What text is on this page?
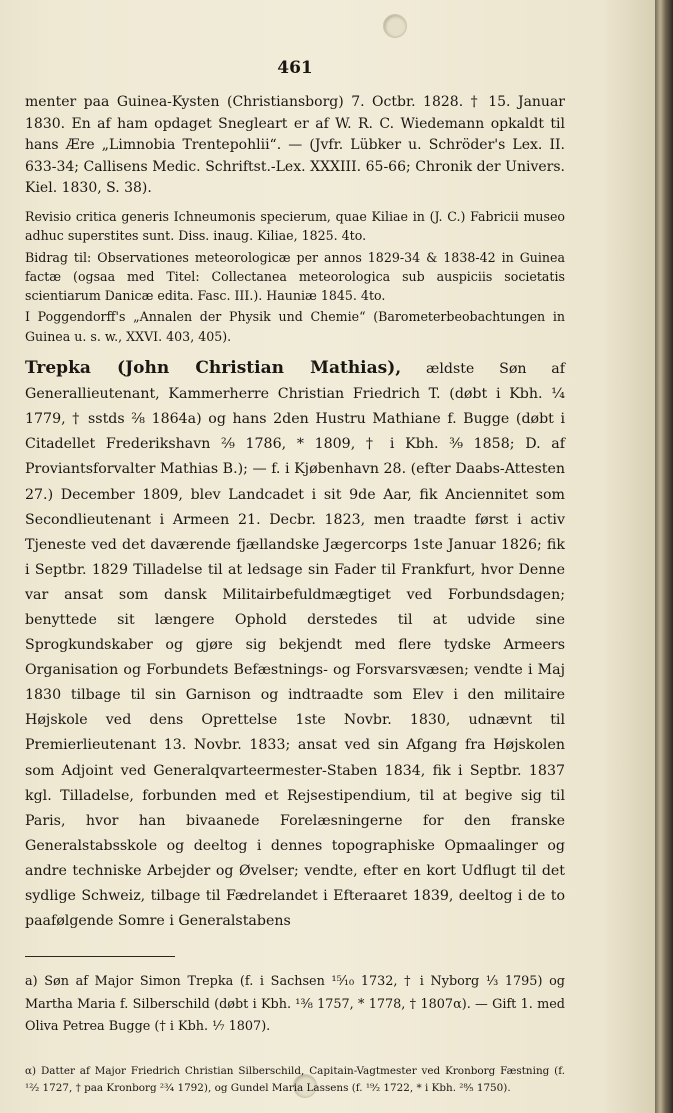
461

menter paa Guinea-Kysten (Christiansborg) 7. Octbr. 1828. † 15. Januar 1830. En af ham opdaget Snegleart er af W. R. C. Wiedemann opkaldt til hans Ære „Limnobia Trentepohlii“. — (Jvfr. Lübker u. Schröder's Lex. II. 633-34; Callisens Medic. Schriftst.-Lex. XXXIII. 65-66; Chronik der Univers. Kiel. 1830, S. 38).

Revisio critica generis Ichneumonis specierum, quae Kiliae in (J. C.) Fabricii museo adhuc superstites sunt. Diss. inaug. Kiliae, 1825. 4to.

Bidrag til: Observationes meteorologicæ per annos 1829-34 & 1838-42 in Guinea factæ (ogsaa med Titel: Collectanea meteorologica sub auspiciis societatis scientiarum Danicæ edita. Fasc. III.). Hauniæ 1845. 4to.

I Poggendorff's „Annalen der Physik und Chemie“ (Barometerbeobachtungen in Guinea u. s. w., XXVI. 403, 405).

Trepka (John Christian Mathias), ældste Søn af Generallieutenant, Kammerherre Christian Friedrich T. (døbt i Kbh. ⅟₄ 1779, † sstds ²⁄₈ 1864a) og hans 2den Hustru Mathiane f. Bugge (døbt i Citadellet Frederikshavn ²⁄₉ 1786, * 1809, † i Kbh. ³⁄₉ 1858; D. af Proviantsforvalter Mathias B.); — f. i Kjøbenhavn 28. (efter Daabs-Attesten 27.) December 1809, blev Landcadet i sit 9de Aar, fik Anciennitet som Secondlieutenant i Armeen 21. Decbr. 1823, men traadte først i activ Tjeneste ved det daværende fjællandske Jægercorps 1ste Januar 1826; fik i Septbr. 1829 Tilladelse til at ledsage sin Fader til Frankfurt, hvor Denne var ansat som dansk Militairbefuldmægtiget ved Forbundsdagen; benyttede sit længere Ophold derstedes til at udvide sine Sprogkundskaber og gjøre sig bekjendt med flere tydske Armeers Organisation og Forbundets Befæstnings- og Forsvarsvæsen; vendte i Maj 1830 tilbage til sin Garnison og indtraadte som Elev i den militaire Højskole ved dens Oprettelse 1ste Novbr. 1830, udnævnt til Premierlieutenant 13. Novbr. 1833; ansat ved sin Afgang fra Højskolen som Adjoint ved Generalqvarteermester-Staben 1834, fik i Septbr. 1837 kgl. Tilladelse, forbunden med et Rejsestipendium, til at begive sig til Paris, hvor han bivaanede Forelæsningerne for den franske Generalstabsskole og deeltog i dennes topographiske Opmaalinger og andre techniske Arbejder og Øvelser; vendte, efter en kort Udflugt til det sydlige Schweiz, tilbage til Fædrelandet i Efteraaret 1839, deeltog i de to paafølgende Somre i Generalstabens

a) Søn af Major Simon Trepka (f. i Sachsen ¹⁵⁄₁₀ 1732, † i Nyborg ¹⁄₃ 1795) og Martha Maria f. Silberschild (døbt i Kbh. ¹³⁄₈ 1757, * 1778, † 1807α). — Gift 1. med Oliva Petrea Bugge († i Kbh. ¹⁄₇ 1807).

α) Datter af Major Friedrich Christian Silberschild, Capitain-Vagtmester ved Kronborg Fæstning (f. ¹²⁄₂ 1727, † paa Kronborg ²³⁄₄ 1792), og Gundel Maria Lassens (f. ¹⁹⁄₂ 1722, * i Kbh. ²⁸⁄₅ 1750).
